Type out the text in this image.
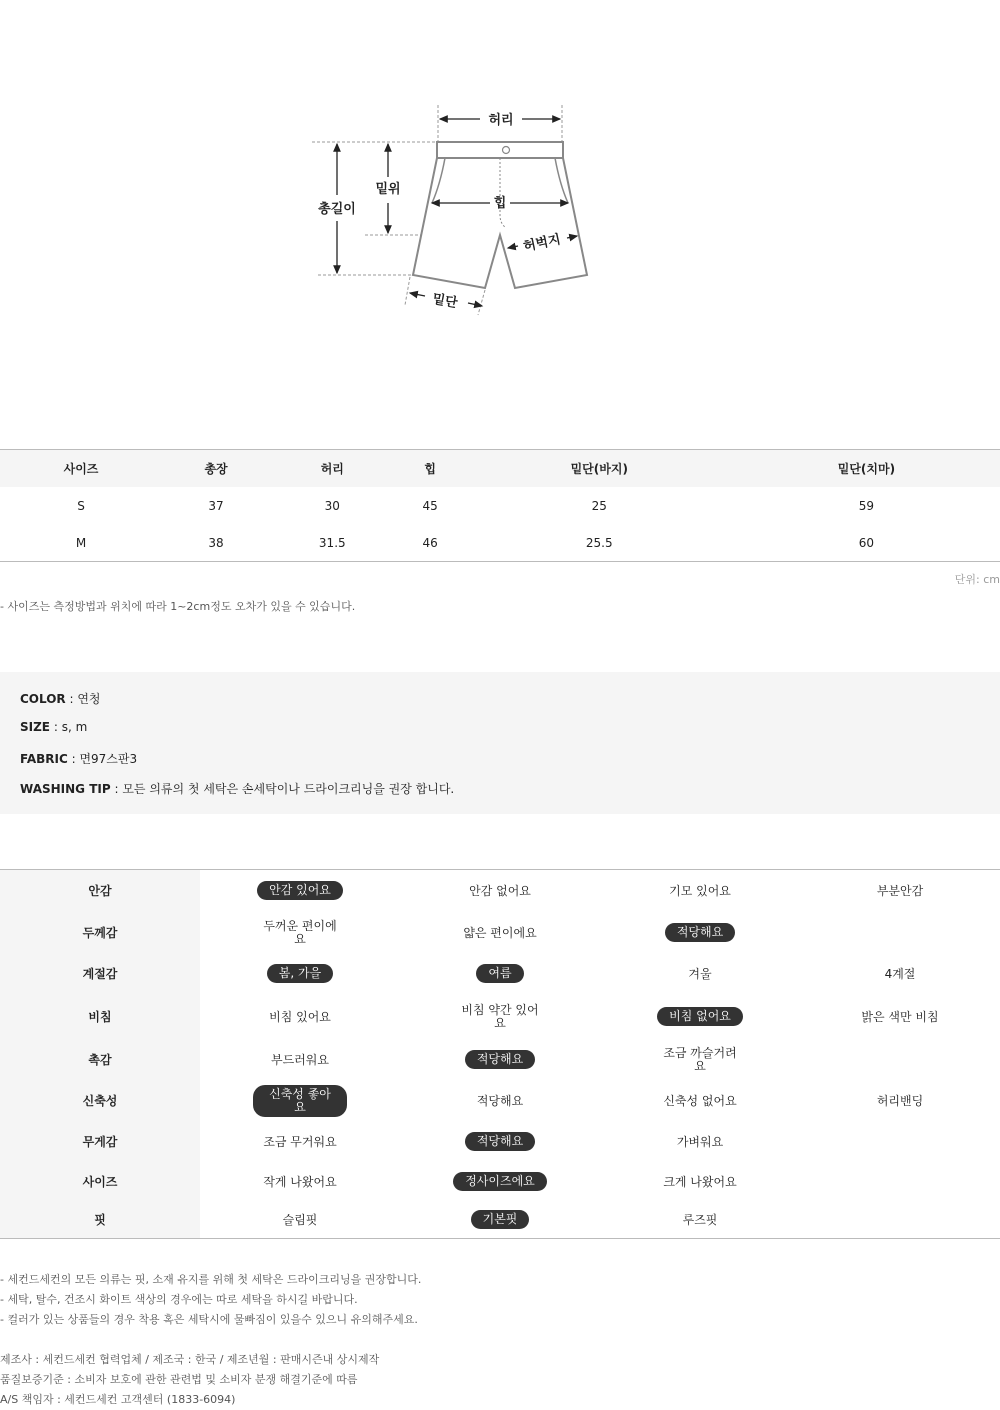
허리
밑위
총길이	힙
허벅지
밑단
사이즈	총장	허리	힙	밑단(바지)	밑단(치마)
S	37	30	45	25	59
M	38	31.5	46	25.5	60
단위: cm
- 사이즈는 측정방법과 위치에 따라 1~2cm정도 오차가 있을 수 있습니다.
COLOR : 연청
SIZE : s, m
FABRIC : 면97스판3
WASHING TIP : 모든 의류의 첫 세탁은 손세탁이나 드라이크리닝을 권장 합니다.
안감	안감 있어요	안감 없어요	기모 있어요	부분안감
두께감	두꺼운 편이에요	얇은 편이에요	적당해요	
계절감	봄, 가을	여름	겨울	4계절
비침	비침 있어요	비침 약간 있어요	비침 없어요	밝은 색만 비침
촉감	부드러워요	적당해요	조금 까슬거려요	
신축성	신축성 좋아요	적당해요	신축성 없어요	허리밴딩
무게감	조금 무거워요	적당해요	가벼워요	
사이즈	작게 나왔어요	정사이즈에요	크게 나왔어요	
핏	슬림핏	기본핏	루즈핏	
- 세컨드세컨의 모든 의류는 핏, 소재 유지를 위해 첫 세탁은 드라이크리닝을 권장합니다.
- 세탁, 탈수, 건조시 화이트 색상의 경우에는 따로 세탁을 하시길 바랍니다.
- 컬러가 있는 상품들의 경우 착용 혹은 세탁시에 물빠짐이 있을수 있으니 유의해주세요.
제조사 : 세컨드세컨 협력업체 / 제조국 : 한국 / 제조년월 : 판매시즌내 상시제작
품질보증기준 : 소비자 보호에 관한 관련법 및 소비자 분쟁 해결기준에 따름
A/S 책임자 : 세컨드세컨 고객센터 (1833-6094)
